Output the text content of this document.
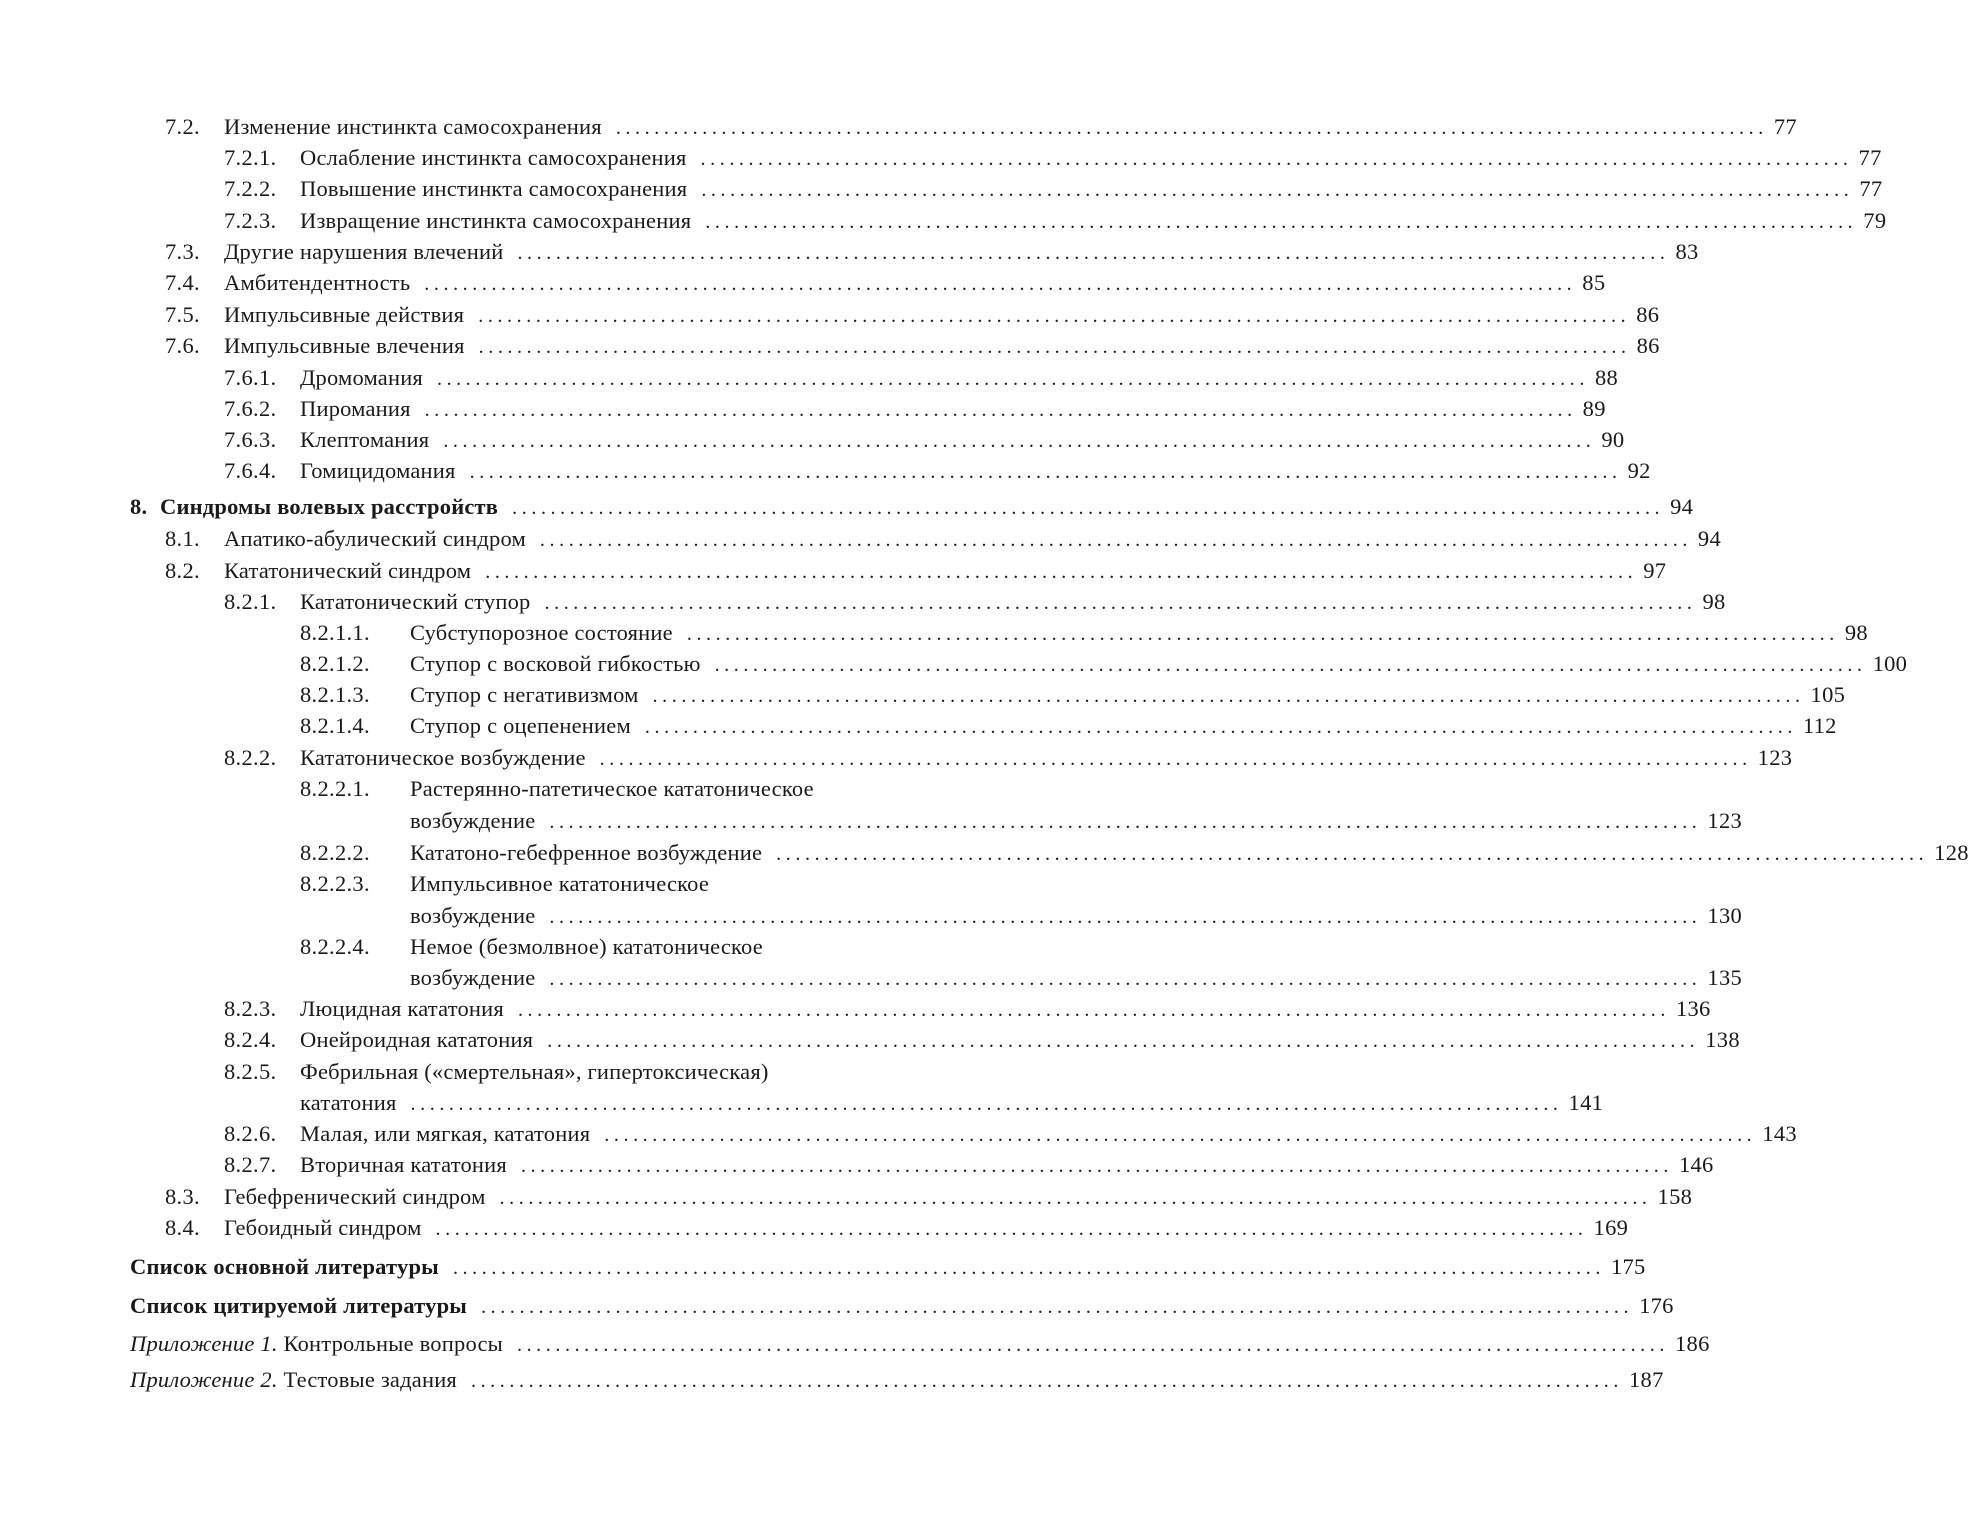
7.2. Изменение инстинкта самосохранения ........................................................................................................................ 77
7.2.1. Ослабление инстинкта самосохранения ........................................................................................................................ 77
7.2.2. Повышение инстинкта самосохранения ........................................................................................................................ 77
7.2.3. Извращение инстинкта самосохранения ........................................................................................................................ 79
7.3. Другие нарушения влечений ........................................................................................................................ 83
7.4. Амбитендентность ........................................................................................................................ 85
7.5. Импульсивные действия ........................................................................................................................ 86
7.6. Импульсивные влечения ........................................................................................................................ 86
7.6.1. Дромомания ........................................................................................................................ 88
7.6.2. Пиромания ........................................................................................................................ 89
7.6.3. Клептомания ........................................................................................................................ 90
7.6.4. Гомицидомания ........................................................................................................................ 92
8. Синдромы волевых расстройств ........................................................................................................................ 94
8.1. Апатико-абулический синдром ........................................................................................................................ 94
8.2. Кататонический синдром ........................................................................................................................ 97
8.2.1. Кататонический ступор ........................................................................................................................ 98
8.2.1.1. Субступорозное состояние ........................................................................................................................ 98
8.2.1.2. Ступор с восковой гибкостью ........................................................................................................................ 100
8.2.1.3. Ступор с негативизмом ........................................................................................................................ 105
8.2.1.4. Ступор с оцепенением ........................................................................................................................ 112
8.2.2. Кататоническое возбуждение ........................................................................................................................ 123
8.2.2.1. Растерянно-патетическое кататоническое
возбуждение ........................................................................................................................ 123
8.2.2.2. Кататоно-гебефренное возбуждение ........................................................................................................................ 128
8.2.2.3. Импульсивное кататоническое
возбуждение ........................................................................................................................ 130
8.2.2.4. Немое (безмолвное) кататоническое
возбуждение ........................................................................................................................ 135
8.2.3. Люцидная кататония ........................................................................................................................ 136
8.2.4. Онейроидная кататония ........................................................................................................................ 138
8.2.5. Фебрильная («смертельная», гипертоксическая)
кататония ........................................................................................................................ 141
8.2.6. Малая, или мягкая, кататония ........................................................................................................................ 143
8.2.7. Вторичная кататония ........................................................................................................................ 146
8.3. Гебефренический синдром ........................................................................................................................ 158
8.4. Гебоидный синдром ........................................................................................................................ 169
Список основной литературы ........................................................................................................................ 175
Список цитируемой литературы ........................................................................................................................ 176
Приложение 1. Контрольные вопросы ........................................................................................................................ 186
Приложение 2. Тестовые задания ........................................................................................................................ 187
